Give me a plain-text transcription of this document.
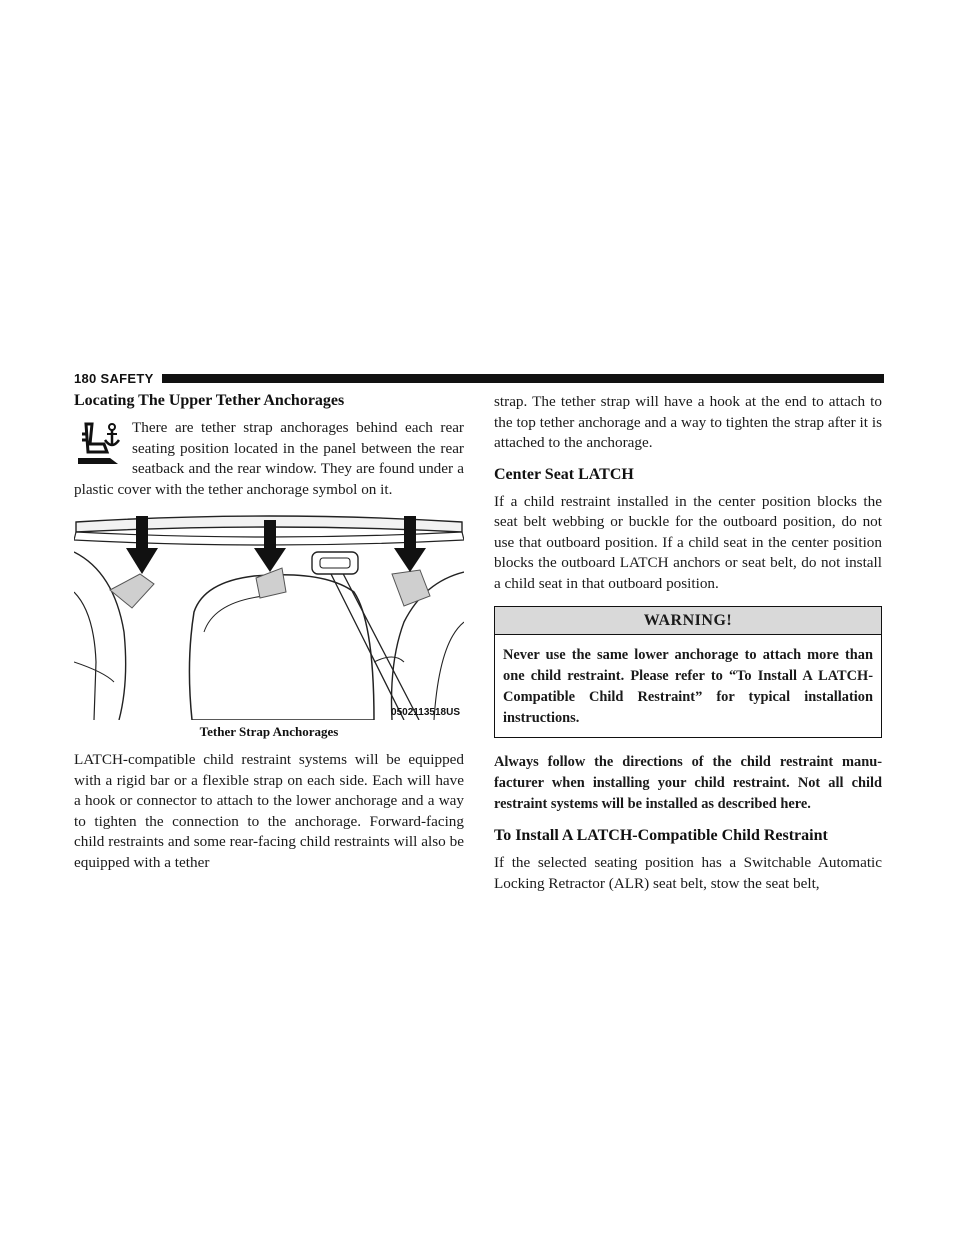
180 SAFETY
Locating The Upper Tether Anchorages

There are tether strap anchorages behind each rear seating position located in the panel between the rear seatback and the rear window. They are found under a plastic cover with the tether anchorage symbol on it.

0502113518US
Tether Strap Anchorages

LATCH-compatible child restraint systems will be equipped with a rigid bar or a flexible strap on each side. Each will have a hook or connector to attach to the lower anchorage and a way to tighten the connection to the anchorage. Forward-facing child restraints and some rear-facing child restraints will also be equipped with a tether

strap. The tether strap will have a hook at the end to attach to the top tether anchorage and a way to tighten the strap after it is attached to the anchorage.

Center Seat LATCH

If a child restraint installed in the center position blocks the seat belt webbing or buckle for the outboard position, do not use that outboard position. If a child seat in the center position blocks the outboard LATCH anchors or seat belt, do not install a child seat in that outboard position.

WARNING!
Never use the same lower anchorage to attach more than one child restraint. Please refer to “To Install A LATCH-Compatible Child Restraint” for typical installation instructions.

Always follow the directions of the child restraint manufacturer when installing your child restraint. Not all child restraint systems will be installed as described here.

To Install A LATCH-Compatible Child Restraint

If the selected seating position has a Switchable Automatic Locking Retractor (ALR) seat belt, stow the seat belt,
